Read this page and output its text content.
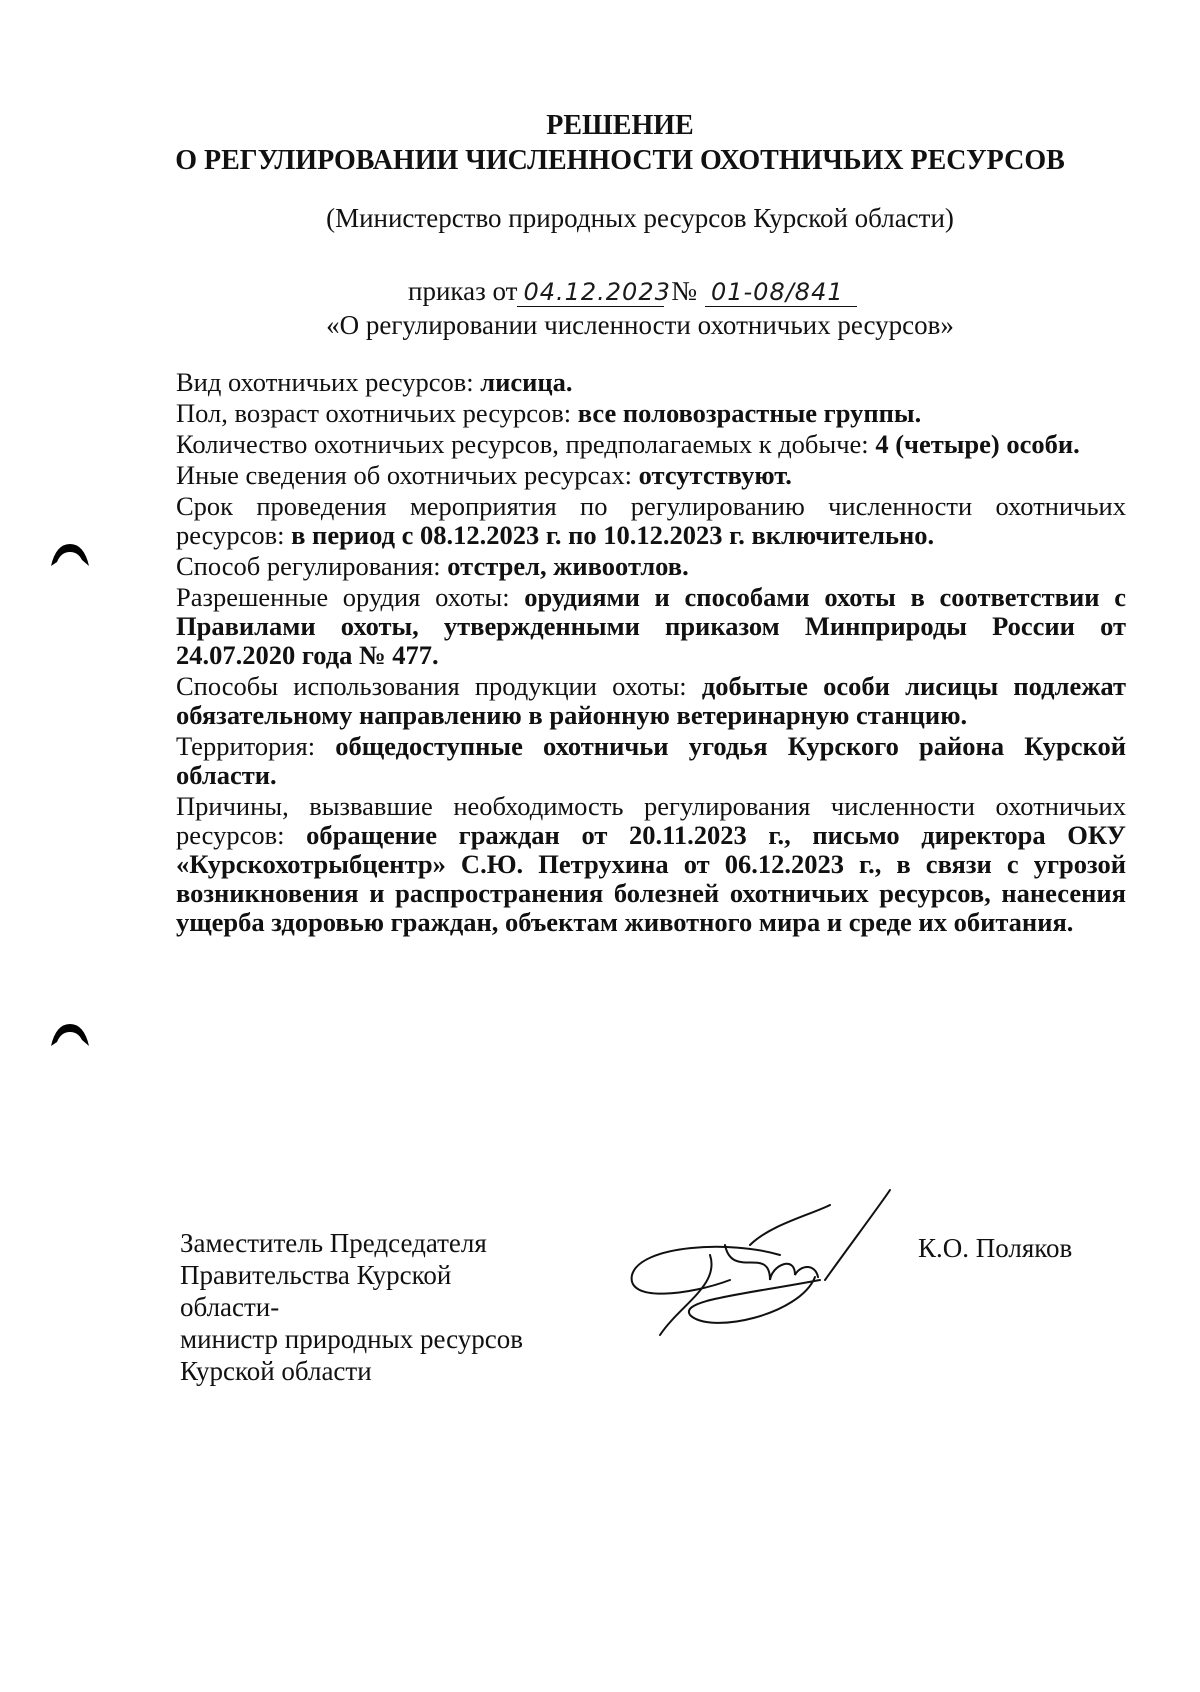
РЕШЕНИЕ
О РЕГУЛИРОВАНИИ ЧИСЛЕННОСТИ ОХОТНИЧЬИХ РЕСУРСОВ
(Министерство природных ресурсов Курской области)
приказ от 04.12.2023 № 01-08/841
«О регулировании численности охотничьих ресурсов»

Вид охотничьих ресурсов: лисица.

Пол, возраст охотничьих ресурсов: все половозрастные группы.

Количество охотничьих ресурсов, предполагаемых к добыче: 4 (четыре) особи.

Иные сведения об охотничьих ресурсах: отсутствуют.

Срок проведения мероприятия по регулированию численности охотничьих ресурсов: в период с 08.12.2023 г. по 10.12.2023 г. включительно.

Способ регулирования: отстрел, живоотлов.

Разрешенные орудия охоты: орудиями и способами охоты в соответствии с Правилами охоты, утвержденными приказом Минприроды России от 24.07.2020 года № 477.

Способы использования продукции охоты: добытые особи лисицы подлежат обязательному направлению в районную ветеринарную станцию.

Территория: общедоступные охотничьи угодья Курского района Курской области.

Причины, вызвавшие необходимость регулирования численности охотничьих ресурсов: обращение граждан от 20.11.2023 г., письмо директора ОКУ «Курскохотрыбцентр» С.Ю. Петрухина от 06.12.2023 г., в связи с угрозой возникновения и распространения болезней охотничьих ресурсов, нанесения ущерба здоровью граждан, объектам животного мира и среде их обитания.

Заместитель Председателя
Правительства Курской
области-
министр природных ресурсов
Курской области
К.О. Поляков
